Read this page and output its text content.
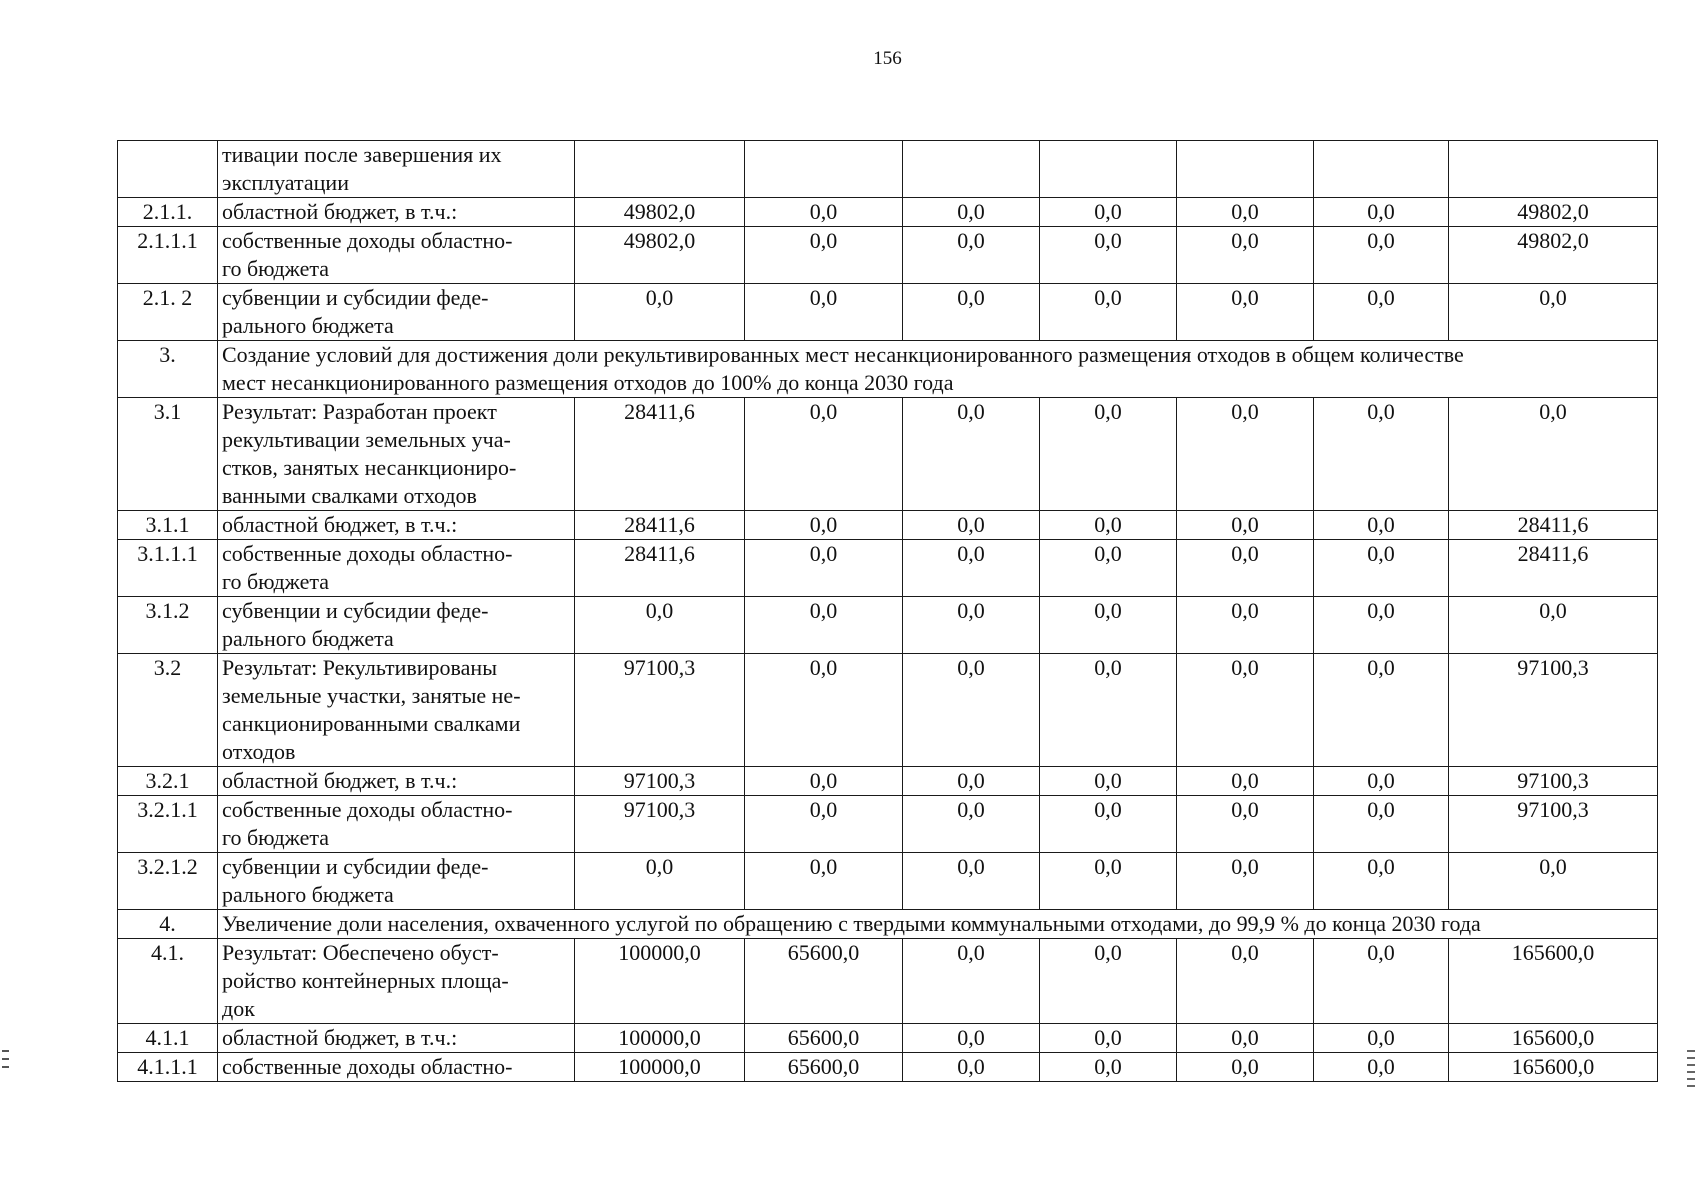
156

	тивации после завершения их
эксплуатации							

2.1.1.	областной бюджет, в т.ч.:	49802,0	0,0	0,0	0,0	0,0	0,0	49802,0
2.1.1.1	собственные доходы областно-
го бюджета	49802,0	0,0	0,0	0,0	0,0	0,0	49802,0
2.1. 2	субвенции и субсидии феде-
рального бюджета	0,0	0,0	0,0	0,0	0,0	0,0	0,0
3.	Создание условий для достижения доли рекультивированных мест несанкционированного размещения отходов в общем количестве
мест несанкционированного размещения отходов до 100% до конца 2030 года							

3.1	Результат: Разработан проект
рекультивации земельных уча-
стков, занятых несанкциониро-
ванными свалками отходов	28411,6	0,0	0,0	0,0	0,0	0,0	0,0
3.1.1	областной бюджет, в т.ч.:	28411,6	0,0	0,0	0,0	0,0	0,0	28411,6
3.1.1.1	собственные доходы областно-
го бюджета	28411,6	0,0	0,0	0,0	0,0	0,0	28411,6
3.1.2	субвенции и субсидии феде-
рального бюджета	0,0	0,0	0,0	0,0	0,0	0,0	0,0
3.2	Результат: Рекультивированы
земельные участки, занятые не-
санкционированными свалками
отходов	97100,3	0,0	0,0	0,0	0,0	0,0	97100,3
3.2.1	областной бюджет, в т.ч.:	97100,3	0,0	0,0	0,0	0,0	0,0	97100,3
3.2.1.1	собственные доходы областно-
го бюджета	97100,3	0,0	0,0	0,0	0,0	0,0	97100,3
3.2.1.2	субвенции и субсидии феде-
рального бюджета	0,0	0,0	0,0	0,0	0,0	0,0	0,0
4.	Увеличение доли населения, охваченного услугой по обращению с твердыми коммунальными отходами, до 99,9 % до конца 2030 года							

4.1.	Результат: Обеспечено обуст-
ройство контейнерных площа-
док	100000,0	65600,0	0,0	0,0	0,0	0,0	165600,0
4.1.1	областной бюджет, в т.ч.:	100000,0	65600,0	0,0	0,0	0,0	0,0	165600,0
4.1.1.1	собственные доходы областно-	100000,0	65600,0	0,0	0,0	0,0	0,0	165600,0
